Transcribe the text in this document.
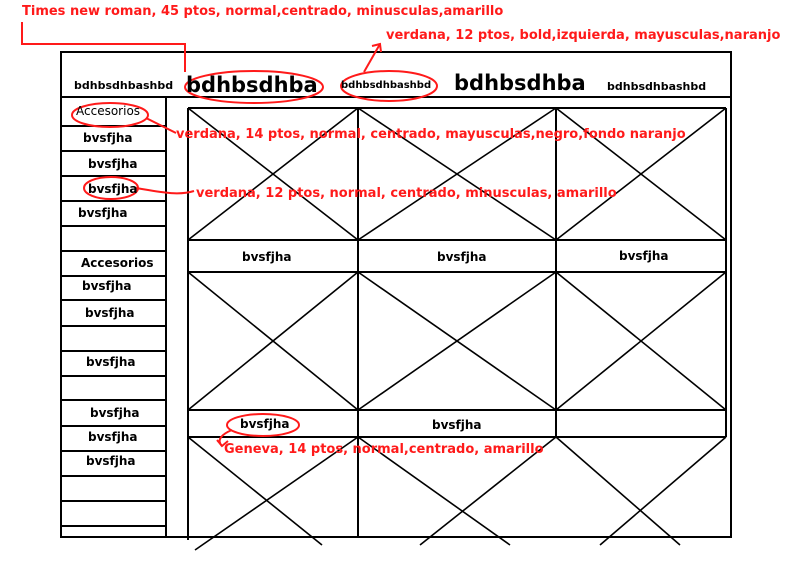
bdhbsdhbashbd bdhbsdhba bdhbsdhbashbd bdhbsdhba bdhbsdhbashbd
Accesorios
bvsfjha
bvsfjha
bvsfjha
bvsfjha
Accesorios
bvsfjha
bvsfjha
bvsfjha
bvsfjha
bvsfjha
bvsfjha
bvsfjha	bvsfjha	bvsfjha
bvsfjha	bvsfjha
Times new roman, 45 ptos, normal,centrado, minusculas,amarillo
verdana, 12 ptos, bold,izquierda, mayusculas,naranjo
verdana, 14 ptos, normal, centrado, mayusculas,negro,fondo naranjo
verdana, 12 ptos, normal, centrado, minusculas, amarillo
Geneva, 14 ptos, normal,centrado, amarillo
